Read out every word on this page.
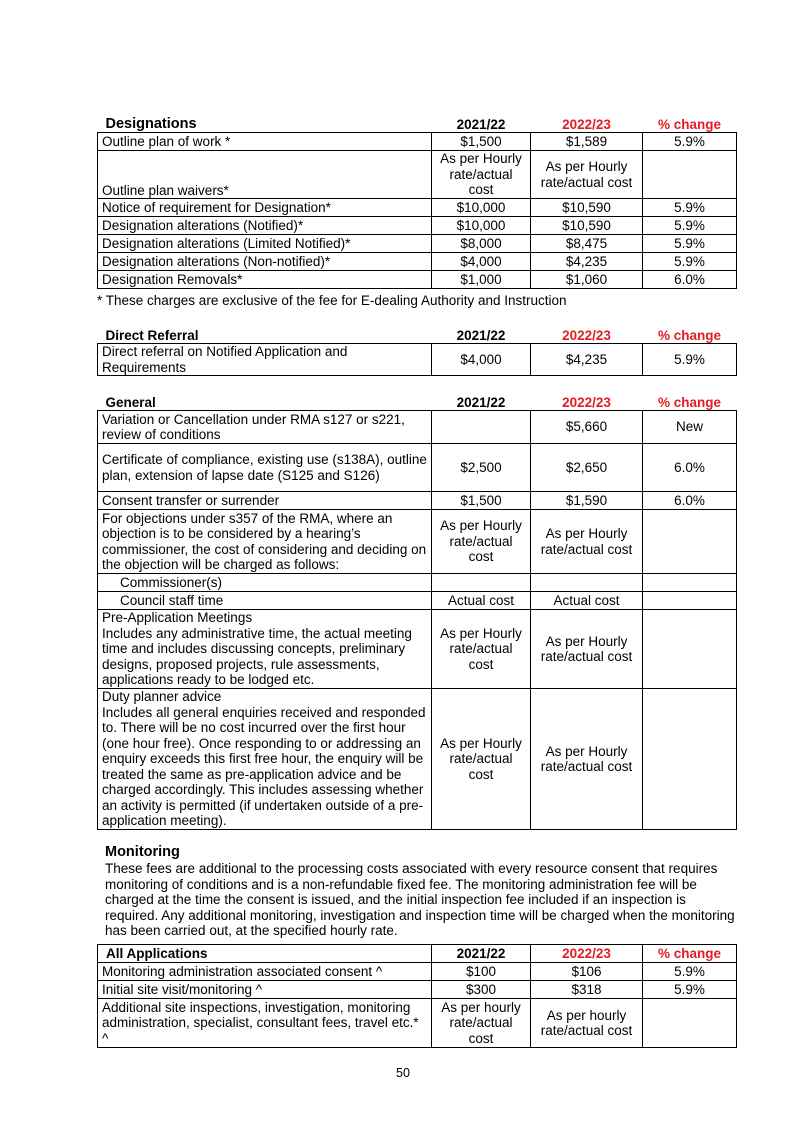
Designations	2021/22	2022/23	% change
Outline plan of work *	$1,500	$1,589	5.9%
Outline plan waivers*	As per Hourly rate/actual cost	As per Hourly rate/actual cost	
Notice of requirement for Designation*	$10,000	$10,590	5.9%
Designation alterations (Notified)*	$10,000	$10,590	5.9%
Designation alterations (Limited Notified)*	$8,000	$8,475	5.9%
Designation alterations (Non-notified)*	$4,000	$4,235	5.9%
Designation Removals*	$1,000	$1,060	6.0%
* These charges are exclusive of the fee for E-dealing Authority and Instruction
Direct Referral	2021/22	2022/23	% change
Direct referral on Notified Application and Requirements	$4,000	$4,235	5.9%
General	2021/22	2022/23	% change
Variation or Cancellation under RMA s127 or s221, review of conditions		$5,660	New
Certificate of compliance, existing use (s138A), outline plan, extension of lapse date (S125 and S126)	$2,500	$2,650	6.0%
Consent transfer or surrender	$1,500	$1,590	6.0%
For objections under s357 of the RMA, where an objection is to be considered by a hearing’s commissioner, the cost of considering and deciding on the objection will be charged as follows:	As per Hourly rate/actual cost	As per Hourly rate/actual cost	
Commissioner(s)			
Council staff time	Actual cost	Actual cost	
Pre-Application Meetings
Includes any administrative time, the actual meeting time and includes discussing concepts, preliminary designs, proposed projects, rule assessments, applications ready to be lodged etc.	As per Hourly rate/actual cost	As per Hourly rate/actual cost	
Duty planner advice
Includes all general enquiries received and responded to. There will be no cost incurred over the first hour (one hour free). Once responding to or addressing an enquiry exceeds this first free hour, the enquiry will be treated the same as pre-application advice and be charged accordingly. This includes assessing whether an activity is permitted (if undertaken outside of a pre-application meeting).	As per Hourly rate/actual cost	As per Hourly rate/actual cost	
Monitoring
These fees are additional to the processing costs associated with every resource consent that requires monitoring of conditions and is a non-refundable fixed fee. The monitoring administration fee will be charged at the time the consent is issued, and the initial inspection fee included if an inspection is required. Any additional monitoring, investigation and inspection time will be charged when the monitoring has been carried out, at the specified hourly rate.
All Applications	2021/22	2022/23	% change
Monitoring administration associated consent ^	$100	$106	5.9%
Initial site visit/monitoring ^	$300	$318	5.9%
Additional site inspections, investigation, monitoring administration, specialist, consultant fees, travel etc.* ^	As per hourly rate/actual cost	As per hourly rate/actual cost	
50
